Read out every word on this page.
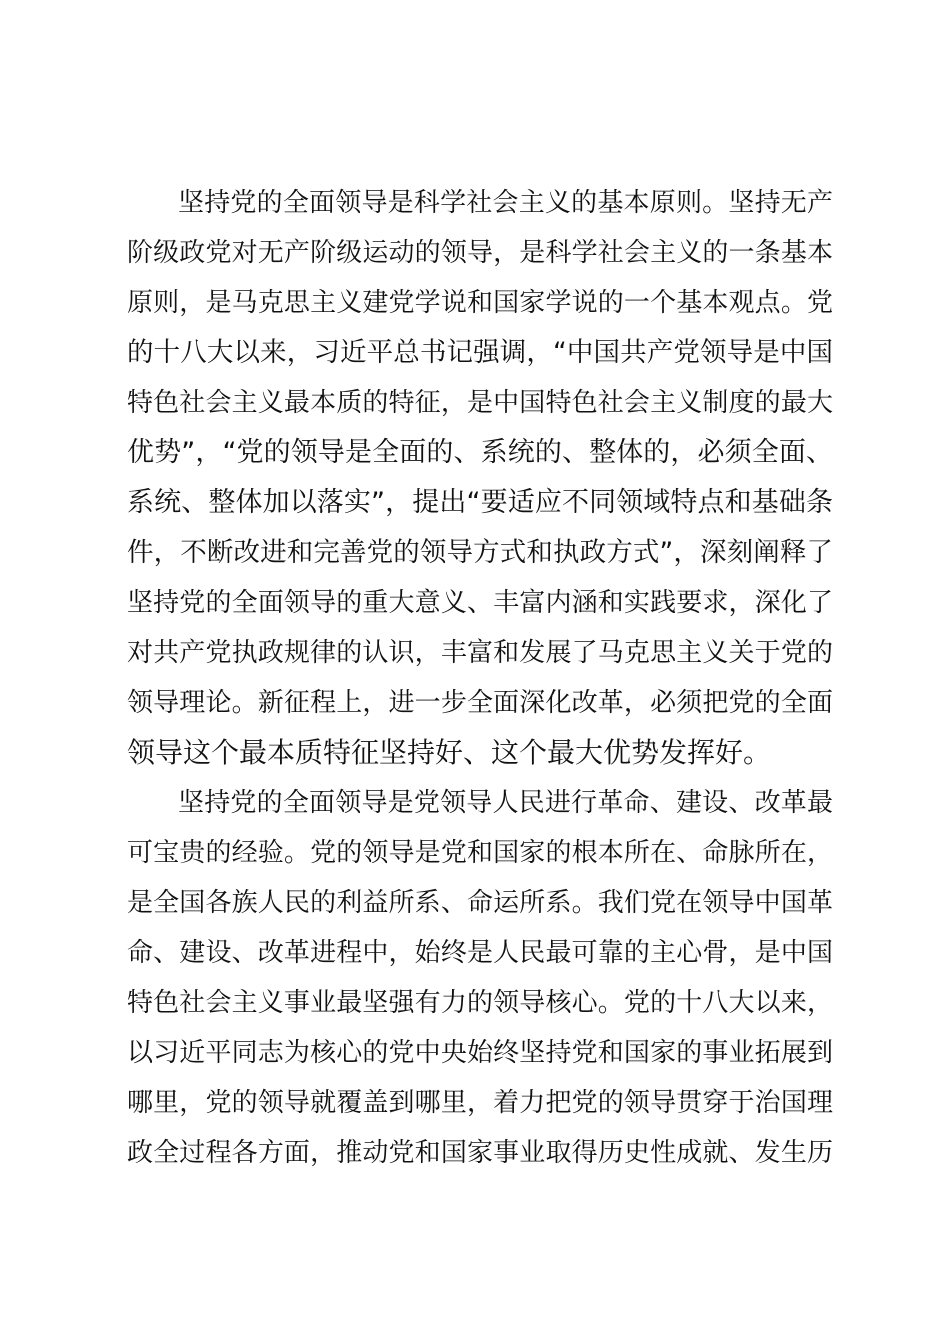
坚持党的全面领导是科学社会主义的基本原则。坚持无产
阶级政党对无产阶级运动的领导，是科学社会主义的一条基本
原则，是马克思主义建党学说和国家学说的一个基本观点。党
的十八大以来，习近平总书记强调，“中国共产党领导是中国
特色社会主义最本质的特征，是中国特色社会主义制度的最大
优势”，“党的领导是全面的、系统的、整体的，必须全面、
系统、整体加以落实”，提出“要适应不同领域特点和基础条
件，不断改进和完善党的领导方式和执政方式”，深刻阐释了
坚持党的全面领导的重大意义、丰富内涵和实践要求，深化了
对共产党执政规律的认识，丰富和发展了马克思主义关于党的
领导理论。新征程上，进一步全面深化改革，必须把党的全面
领导这个最本质特征坚持好、这个最大优势发挥好。
坚持党的全面领导是党领导人民进行革命、建设、改革最
可宝贵的经验。党的领导是党和国家的根本所在、命脉所在，
是全国各族人民的利益所系、命运所系。我们党在领导中国革
命、建设、改革进程中，始终是人民最可靠的主心骨，是中国
特色社会主义事业最坚强有力的领导核心。党的十八大以来，
以习近平同志为核心的党中央始终坚持党和国家的事业拓展到
哪里，党的领导就覆盖到哪里，着力把党的领导贯穿于治国理
政全过程各方面，推动党和国家事业取得历史性成就、发生历
